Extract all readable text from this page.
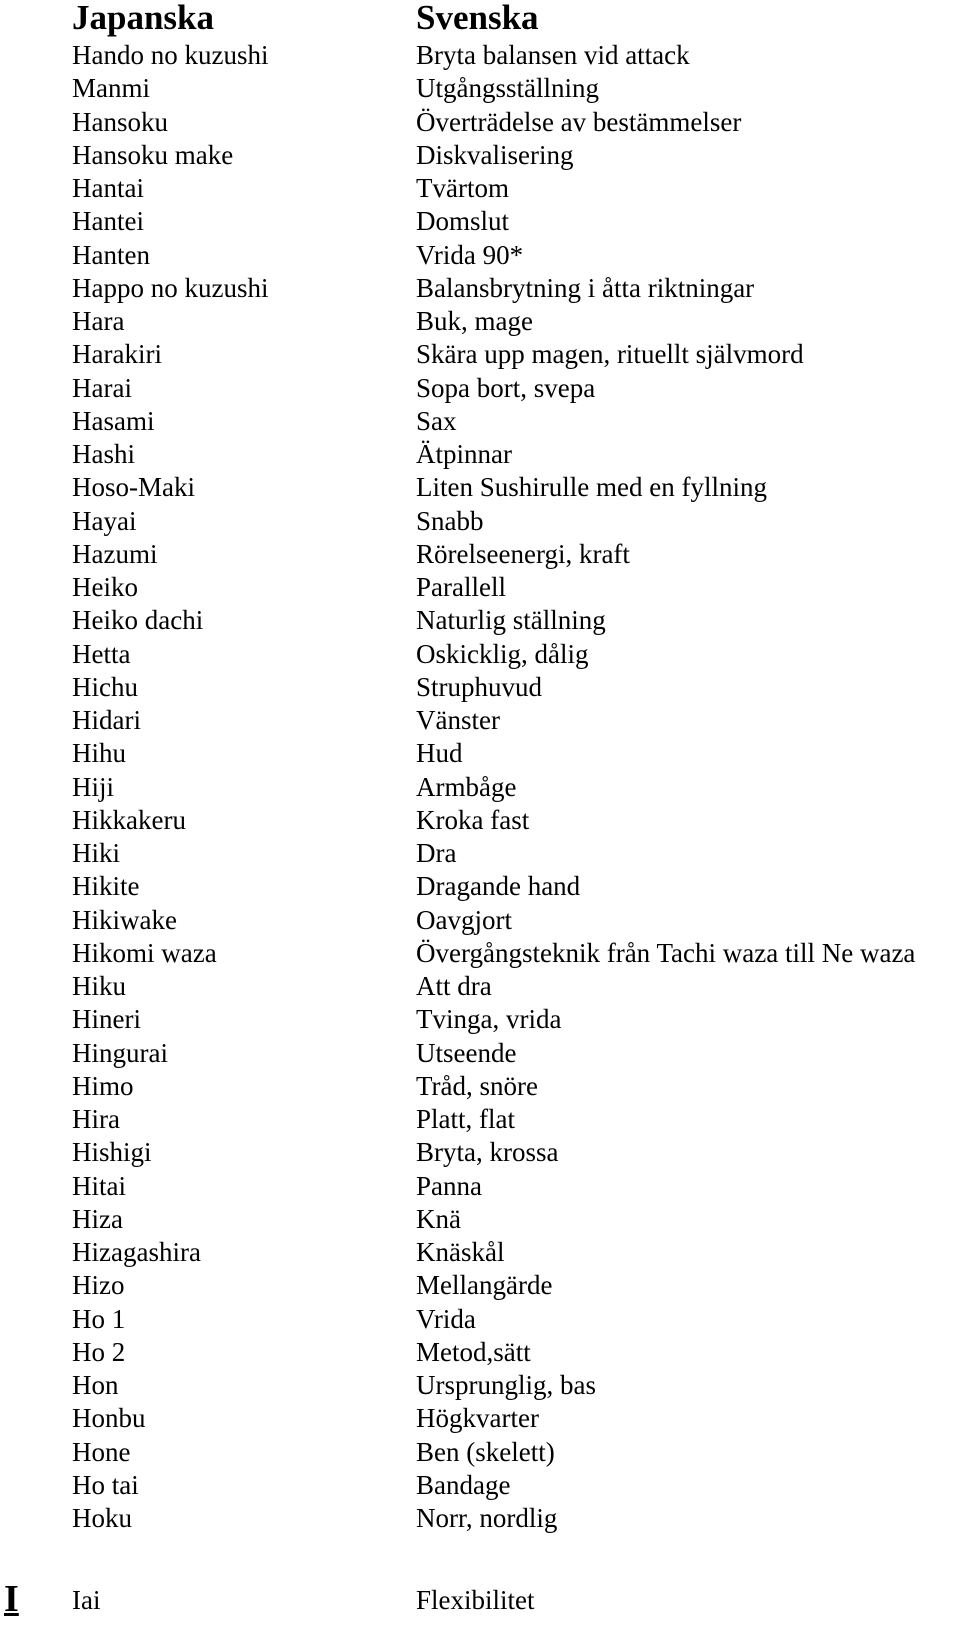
Japanska	Svenska
Hando no kuzushi	Bryta balansen vid attack
Manmi	Utgångsställning
Hansoku	Överträdelse av bestämmelser
Hansoku make	Diskvalisering
Hantai	Tvärtom
Hantei	Domslut
Hanten	Vrida 90*
Happo no kuzushi	Balansbrytning i åtta riktningar
Hara	Buk, mage
Harakiri	Skära upp magen, rituellt självmord
Harai	Sopa bort, svepa
Hasami	Sax
Hashi	Ätpinnar
Hoso-Maki	Liten Sushirulle med en fyllning
Hayai	Snabb
Hazumi	Rörelseenergi, kraft
Heiko	Parallell
Heiko dachi	Naturlig ställning
Hetta	Oskicklig, dålig
Hichu	Struphuvud
Hidari	Vänster
Hihu	Hud
Hiji	Armbåge
Hikkakeru	Kroka fast
Hiki	Dra
Hikite	Dragande hand
Hikiwake	Oavgjort
Hikomi waza	Övergångsteknik från Tachi waza till Ne waza
Hiku	Att dra
Hineri	Tvinga, vrida
Hingurai	Utseende
Himo	Tråd, snöre
Hira	Platt, flat
Hishigi	Bryta, krossa
Hitai	Panna
Hiza	Knä
Hizagashira	Knäskål
Hizo	Mellangärde
Ho 1	Vrida
Ho 2	Metod,sätt
Hon	Ursprunglig, bas
Honbu	Högkvarter
Hone	Ben (skelett)
Ho tai	Bandage
Hoku	Norr, nordlig
I Iai	Flexibilitet
